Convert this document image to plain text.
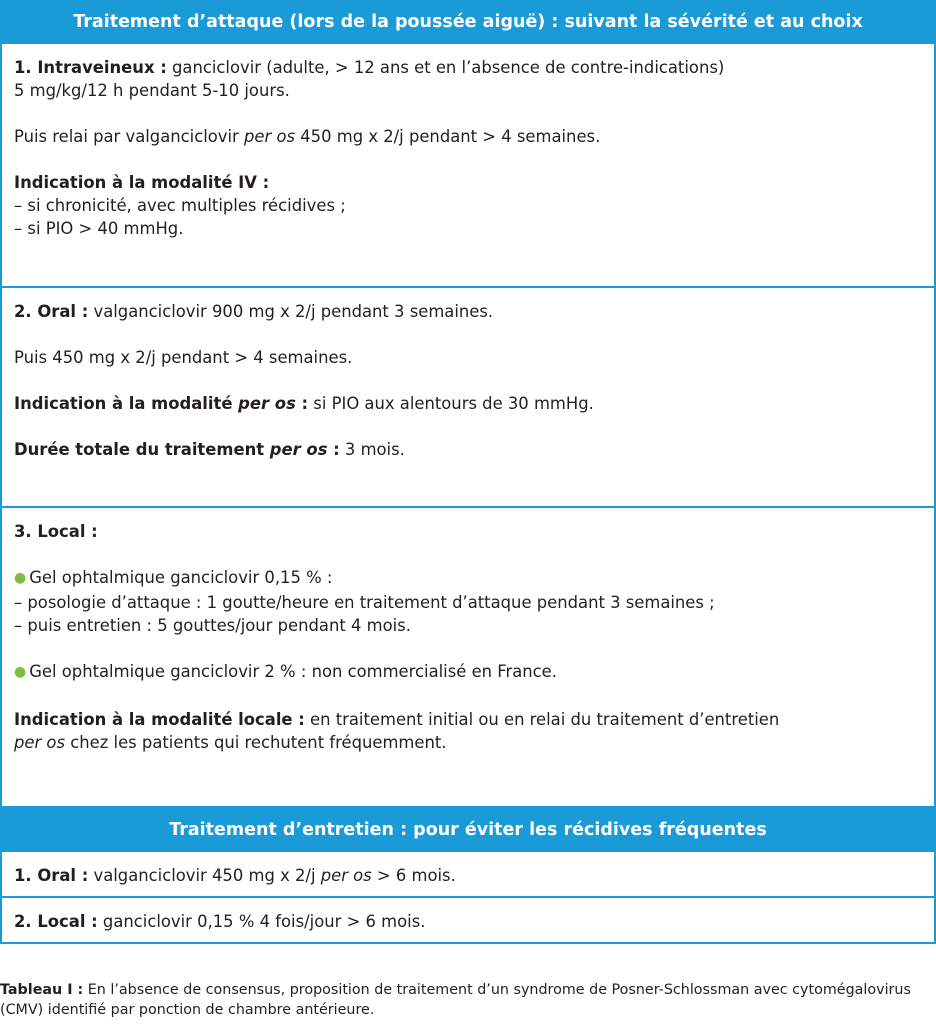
Traitement d’attaque (lors de la poussée aiguë) : suivant la sévérité et au choix

1. Intraveineux : ganciclovir (adulte, > 12 ans et en l’absence de contre-indications)

5 mg/kg/12 h pendant 5-10 jours.

Puis relai par valganciclovir per os 450 mg x 2/j pendant > 4 semaines.

Indication à la modalité IV :

– si chronicité, avec multiples récidives ;

– si PIO > 40 mmHg.

2. Oral : valganciclovir 900 mg x 2/j pendant 3 semaines.

Puis 450 mg x 2/j pendant > 4 semaines.

Indication à la modalité per os : si PIO aux alentours de 30 mmHg.

Durée totale du traitement per os : 3 mois.

3. Local :

● Gel ophtalmique ganciclovir 0,15 % :

– posologie d’attaque : 1 goutte/heure en traitement d’attaque pendant 3 semaines ;

– puis entretien : 5 gouttes/jour pendant 4 mois.

● Gel ophtalmique ganciclovir 2 % : non commercialisé en France.

Indication à la modalité locale : en traitement initial ou en relai du traitement d’entretien

per os chez les patients qui rechutent fréquemment.

Traitement d’entretien : pour éviter les récidives fréquentes

1. Oral : valganciclovir 450 mg x 2/j per os > 6 mois.

2. Local : ganciclovir 0,15 % 4 fois/jour > 6 mois.

Tableau I : En l’absence de consensus, proposition de traitement d’un syndrome de Posner-Schlossman avec cytomégalovirus (CMV) identifié par ponction de chambre antérieure.
